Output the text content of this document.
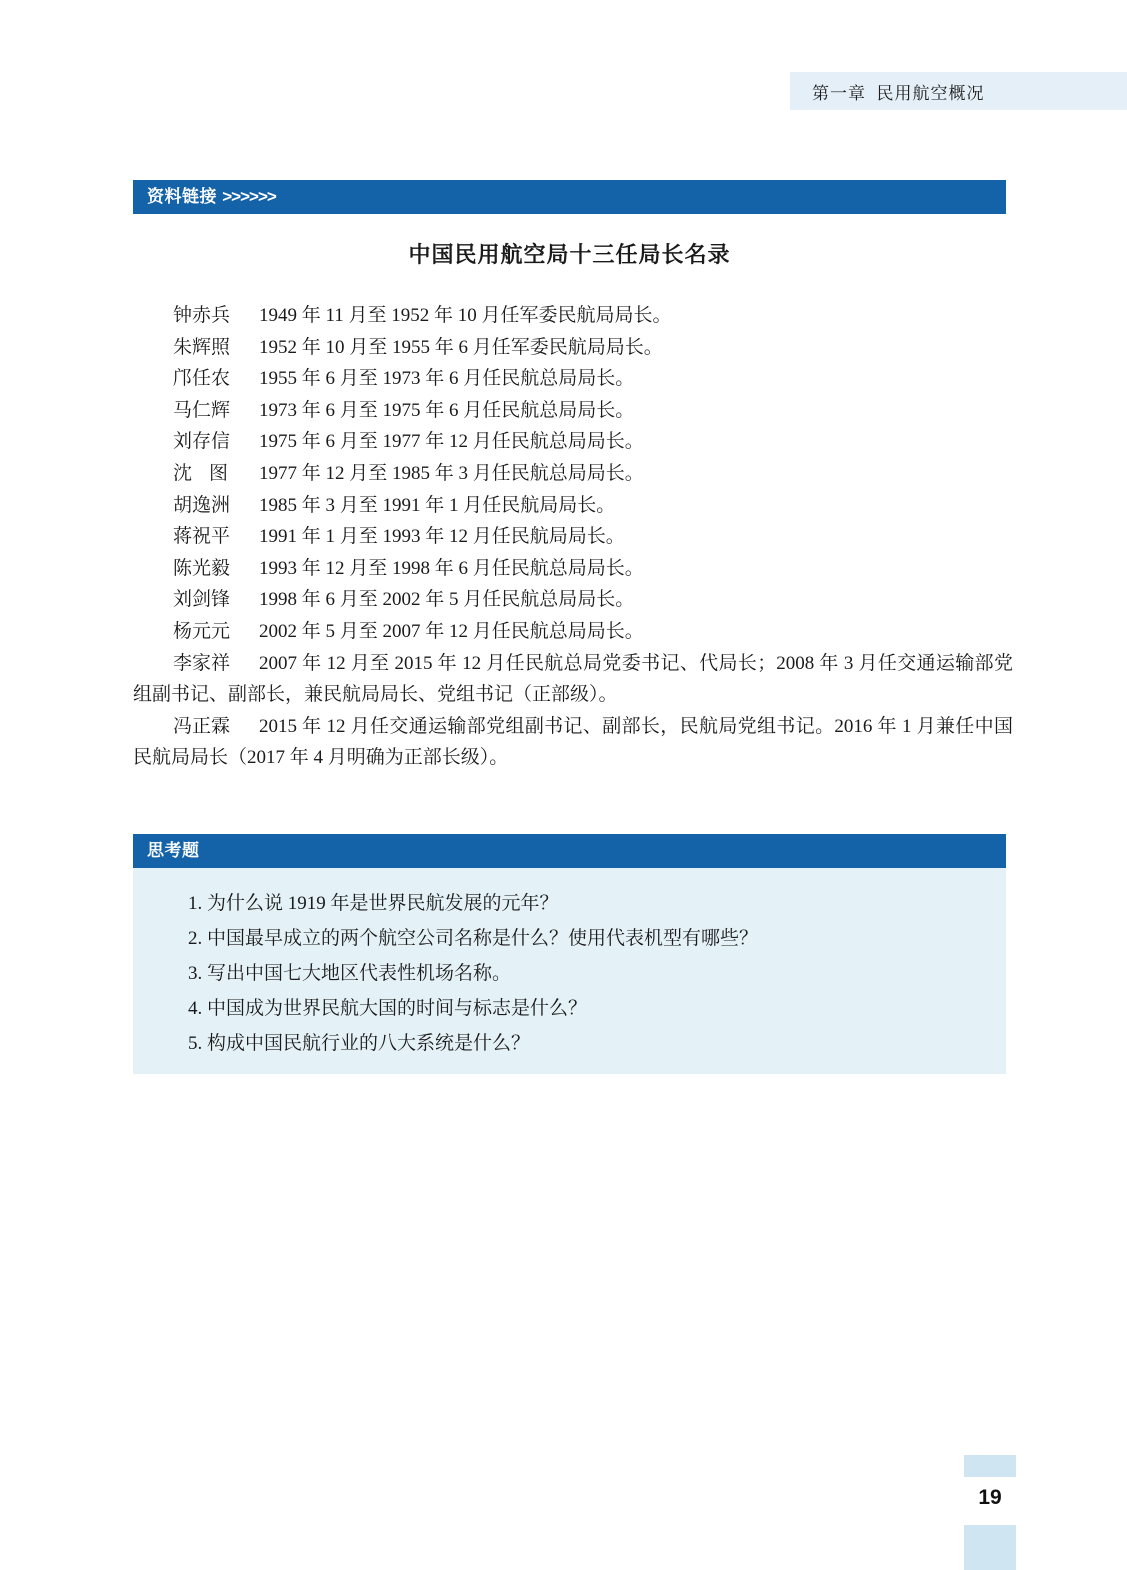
第一章  民用航空概况
资料链接 >>>>>>
中国民用航空局十三任局长名录
钟赤兵 1949 年 11 月至 1952 年 10 月任军委民航局局长。
朱辉照 1952 年 10 月至 1955 年 6 月任军委民航局局长。
邝任农 1955 年 6 月至 1973 年 6 月任民航总局局长。
马仁辉 1973 年 6 月至 1975 年 6 月任民航总局局长。
刘存信 1975 年 6 月至 1977 年 12 月任民航总局局长。
沈图 1977 年 12 月至 1985 年 3 月任民航总局局长。
胡逸洲 1985 年 3 月至 1991 年 1 月任民航局局长。
蒋祝平 1991 年 1 月至 1993 年 12 月任民航局局长。
陈光毅 1993 年 12 月至 1998 年 6 月任民航总局局长。
刘剑锋 1998 年 6 月至 2002 年 5 月任民航总局局长。
杨元元 2002 年 5 月至 2007 年 12 月任民航总局局长。
李家祥 2007 年 12 月至 2015 年 12 月任民航总局党委书记、代局长；2008 年 3 月任交通运输部党组副书记、副部长，兼民航局局长、党组书记（正部级）。
冯正霖 2015 年 12 月任交通运输部党组副书记、副部长，民航局党组书记。2016 年 1 月兼任中国民航局局长（2017 年 4 月明确为正部长级）。
思考题
1. 为什么说 1919 年是世界民航发展的元年？
2. 中国最早成立的两个航空公司名称是什么？使用代表机型有哪些？
3. 写出中国七大地区代表性机场名称。
4. 中国成为世界民航大国的时间与标志是什么？
5. 构成中国民航行业的八大系统是什么？
19
